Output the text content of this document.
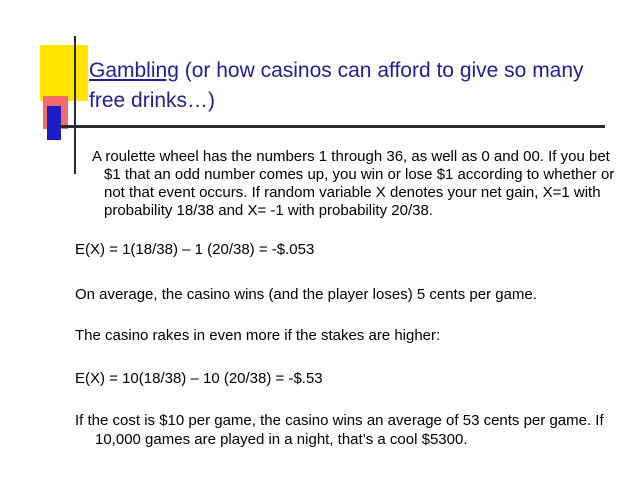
Gambling (or how casinos can afford to give so many free drinks…)

A roulette wheel has the numbers 1 through 36, as well as 0 and 00. If you bet $1 that an odd number comes up, you win or lose $1 according to whether or not that event occurs. If random variable X denotes your net gain, X=1 with probability 18/38 and X= -1 with probability 20/38.

E(X) = 1(18/38) – 1 (20/38) = -$.053

On average, the casino wins (and the player loses) 5 cents per game.

The casino rakes in even more if the stakes are higher:

E(X) = 10(18/38) – 10 (20/38) = -$.53

If the cost is $10 per game, the casino wins an average of 53 cents per game. If 10,000 games are played in a night, that’s a cool $5300.
